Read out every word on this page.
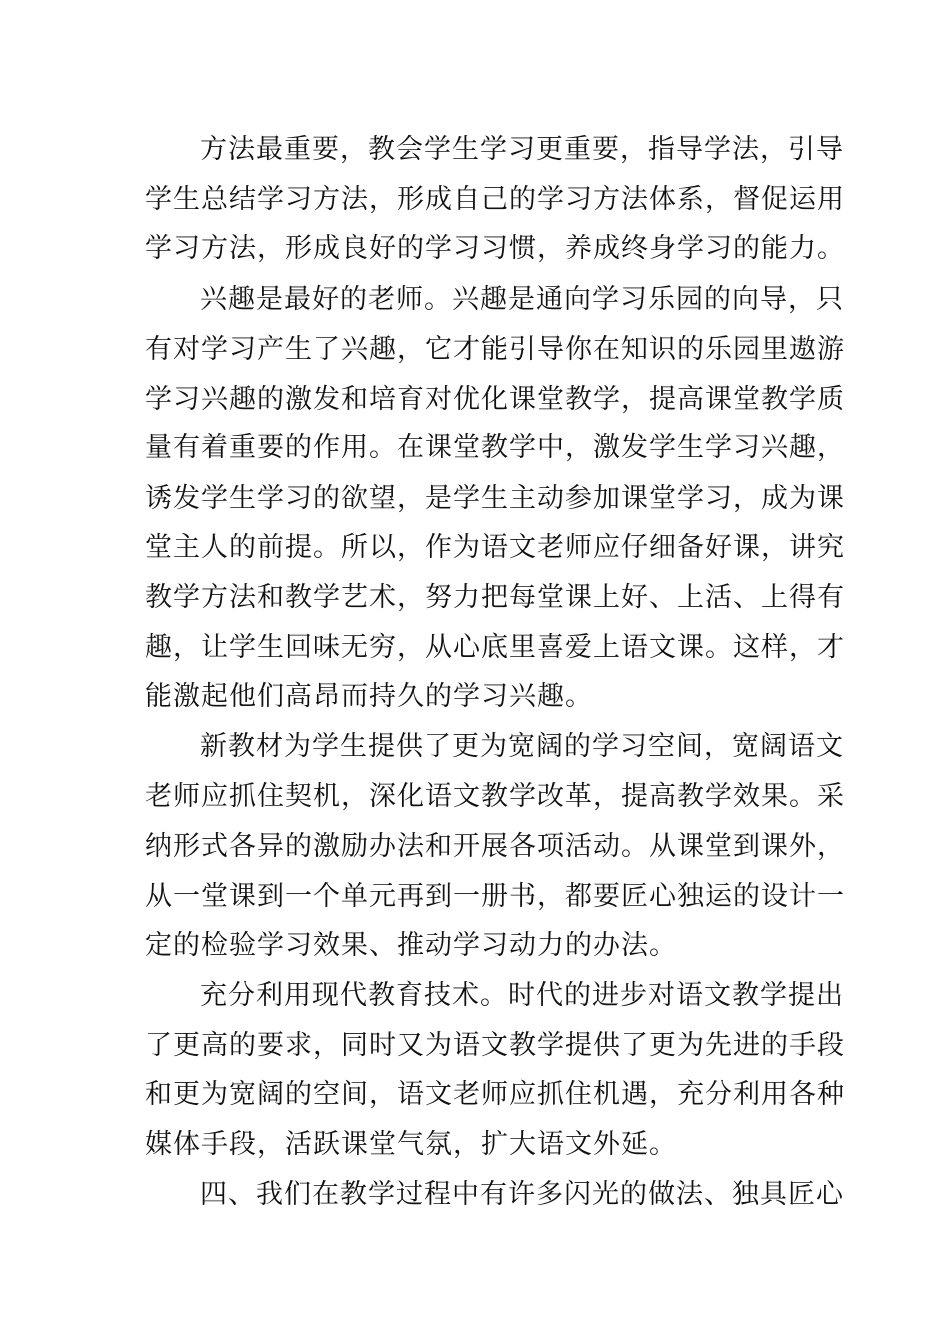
方法最重要，教会学生学习更重要，指导学法，引导
学生总结学习方法，形成自己的学习方法体系，督促运用
学习方法，形成良好的学习习惯，养成终身学习的能力。
兴趣是最好的老师。兴趣是通向学习乐园的向导，只
有对学习产生了兴趣，它才能引导你在知识的乐园里遨游
学习兴趣的激发和培育对优化课堂教学，提高课堂教学质
量有着重要的作用。在课堂教学中，激发学生学习兴趣，
诱发学生学习的欲望，是学生主动参加课堂学习，成为课
堂主人的前提。所以，作为语文老师应仔细备好课，讲究
教学方法和教学艺术，努力把每堂课上好、上活、上得有
趣，让学生回味无穷，从心底里喜爱上语文课。这样，才
能激起他们高昂而持久的学习兴趣。
新教材为学生提供了更为宽阔的学习空间，宽阔语文
老师应抓住契机，深化语文教学改革，提高教学效果。采
纳形式各异的激励办法和开展各项活动。从课堂到课外，
从一堂课到一个单元再到一册书，都要匠心独运的设计一
定的检验学习效果、推动学习动力的办法。
充分利用现代教育技术。时代的进步对语文教学提出
了更高的要求，同时又为语文教学提供了更为先进的手段
和更为宽阔的空间，语文老师应抓住机遇，充分利用各种
媒体手段，活跃课堂气氛，扩大语文外延。
四、我们在教学过程中有许多闪光的做法、独具匠心
